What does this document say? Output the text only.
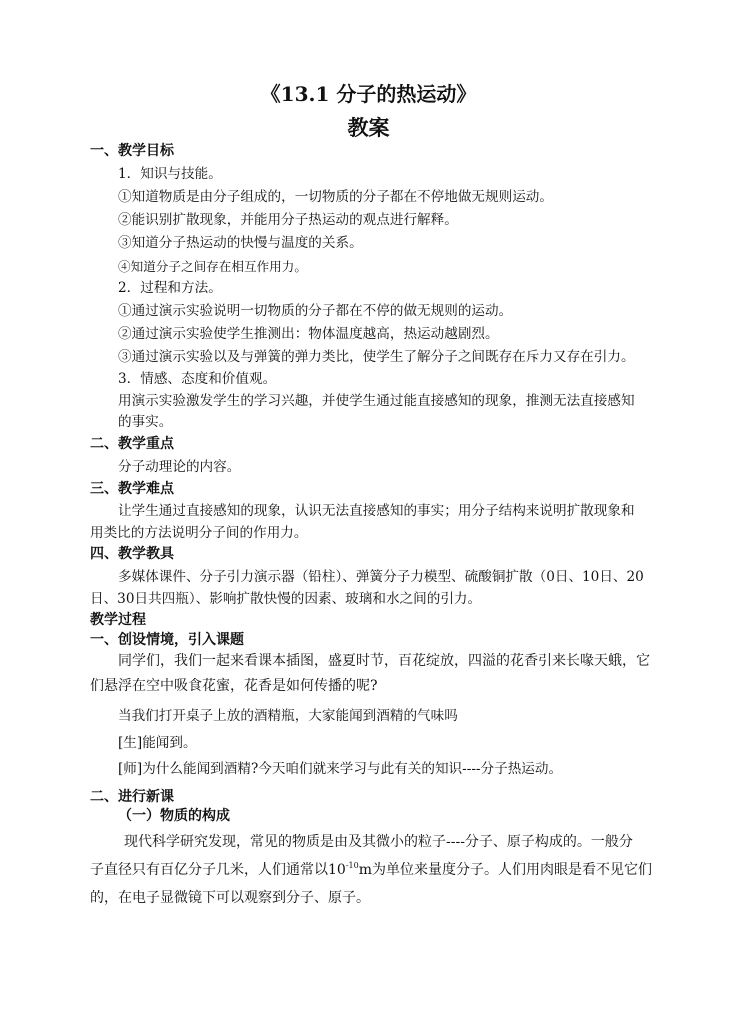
《13.1 分子的热运动》
教案
一、教学目标
1．知识与技能。
①知道物质是由分子组成的，一切物质的分子都在不停地做无规则运动。
②能识别扩散现象，并能用分子热运动的观点进行解释。
③知道分子热运动的快慢与温度的关系。
④知道分子之间存在相互作用力。
2．过程和方法。
①通过演示实验说明一切物质的分子都在不停的做无规则的运动。
②通过演示实验使学生推测出：物体温度越高，热运动越剧烈。
③通过演示实验以及与弹簧的弹力类比，使学生了解分子之间既存在斥力又存在引力。
3．情感、态度和价值观。
用演示实验激发学生的学习兴趣，并使学生通过能直接感知的现象，推测无法直接感知
的事实。
二、教学重点
分子动理论的内容。
三、教学难点
让学生通过直接感知的现象，认识无法直接感知的事实；用分子结构来说明扩散现象和
用类比的方法说明分子间的作用力。
四、教学教具
多媒体课件、分子引力演示器（铅柱）、弹簧分子力模型、硫酸铜扩散（0日、10日、20
日、30日共四瓶）、影响扩散快慢的因素、玻璃和水之间的引力。
教学过程
一、创设情境，引入课题
同学们，我们一起来看课本插图，盛夏时节，百花绽放，四溢的花香引来长喙天蛾，它
们悬浮在空中吸食花蜜，花香是如何传播的呢?
当我们打开桌子上放的酒精瓶，大家能闻到酒精的气味吗
[生]能闻到。
[师]为什么能闻到酒精?今天咱们就来学习与此有关的知识----分子热运动。
二、进行新课
（一）物质的构成
现代科学研究发现，常见的物质是由及其微小的粒子----分子、原子构成的。一般分
子直径只有百亿分子几米，人们通常以$10^{-10}m$为单位来量度分子。人们用肉眼是看不见它们
的，在电子显微镜下可以观察到分子、原子。
